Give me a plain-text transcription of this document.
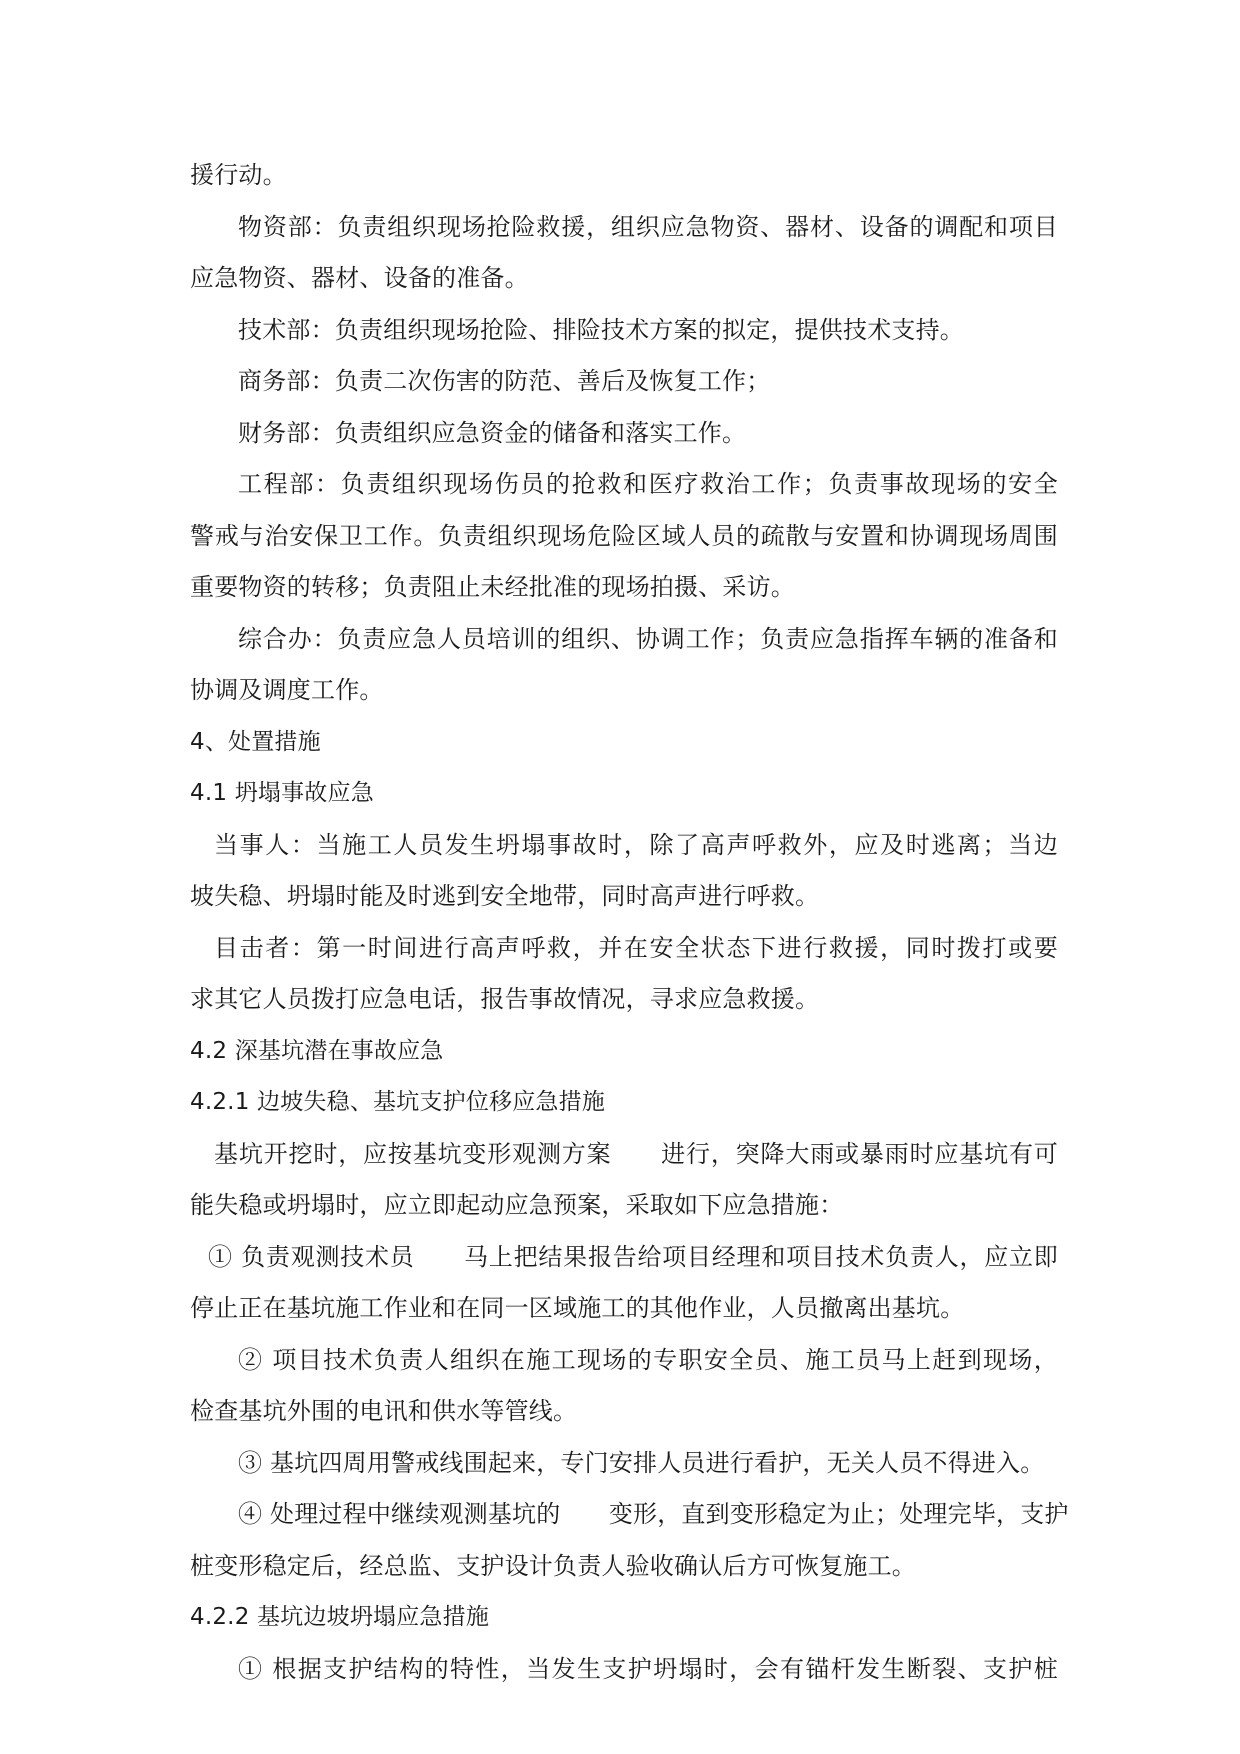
援行动。
物资部：负责组织现场抢险救援，组织应急物资、器材、设备的调配和项目
应急物资、器材、设备的准备。
技术部：负责组织现场抢险、排险技术方案的拟定，提供技术支持。
商务部：负责二次伤害的防范、善后及恢复工作；
财务部：负责组织应急资金的储备和落实工作。
工程部：负责组织现场伤员的抢救和医疗救治工作；负责事故现场的安全
警戒与治安保卫工作。负责组织现场危险区域人员的疏散与安置和协调现场周围
重要物资的转移；负责阻止未经批准的现场拍摄、采访。
综合办：负责应急人员培训的组织、协调工作；负责应急指挥车辆的准备和
协调及调度工作。
4、处置措施
4.1 坍塌事故应急
当事人：当施工人员发生坍塌事故时，除了高声呼救外，应及时逃离；当边
坡失稳、坍塌时能及时逃到安全地带，同时高声进行呼救。
目击者：第一时间进行高声呼救，并在安全状态下进行救援，同时拨打或要
求其它人员拨打应急电话，报告事故情况，寻求应急救援。
4.2 深基坑潜在事故应急
4.2.1 边坡失稳、基坑支护位移应急措施
基坑开挖时，应按基坑变形观测方案　　进行，突降大雨或暴雨时应基坑有可
能失稳或坍塌时，应立即起动应急预案，采取如下应急措施：
① 负责观测技术员　　马上把结果报告给项目经理和项目技术负责人，应立即
停止正在基坑施工作业和在同一区域施工的其他作业，人员撤离出基坑。
② 项目技术负责人组织在施工现场的专职安全员、施工员马上赶到现场，
检查基坑外围的电讯和供水等管线。
③ 基坑四周用警戒线围起来，专门安排人员进行看护，无关人员不得进入。
④ 处理过程中继续观测基坑的　　变形，直到变形稳定为止；处理完毕，支护
桩变形稳定后，经总监、支护设计负责人验收确认后方可恢复施工。
4.2.2 基坑边坡坍塌应急措施
① 根据支护结构的特性，当发生支护坍塌时，会有锚杆发生断裂、支护桩
